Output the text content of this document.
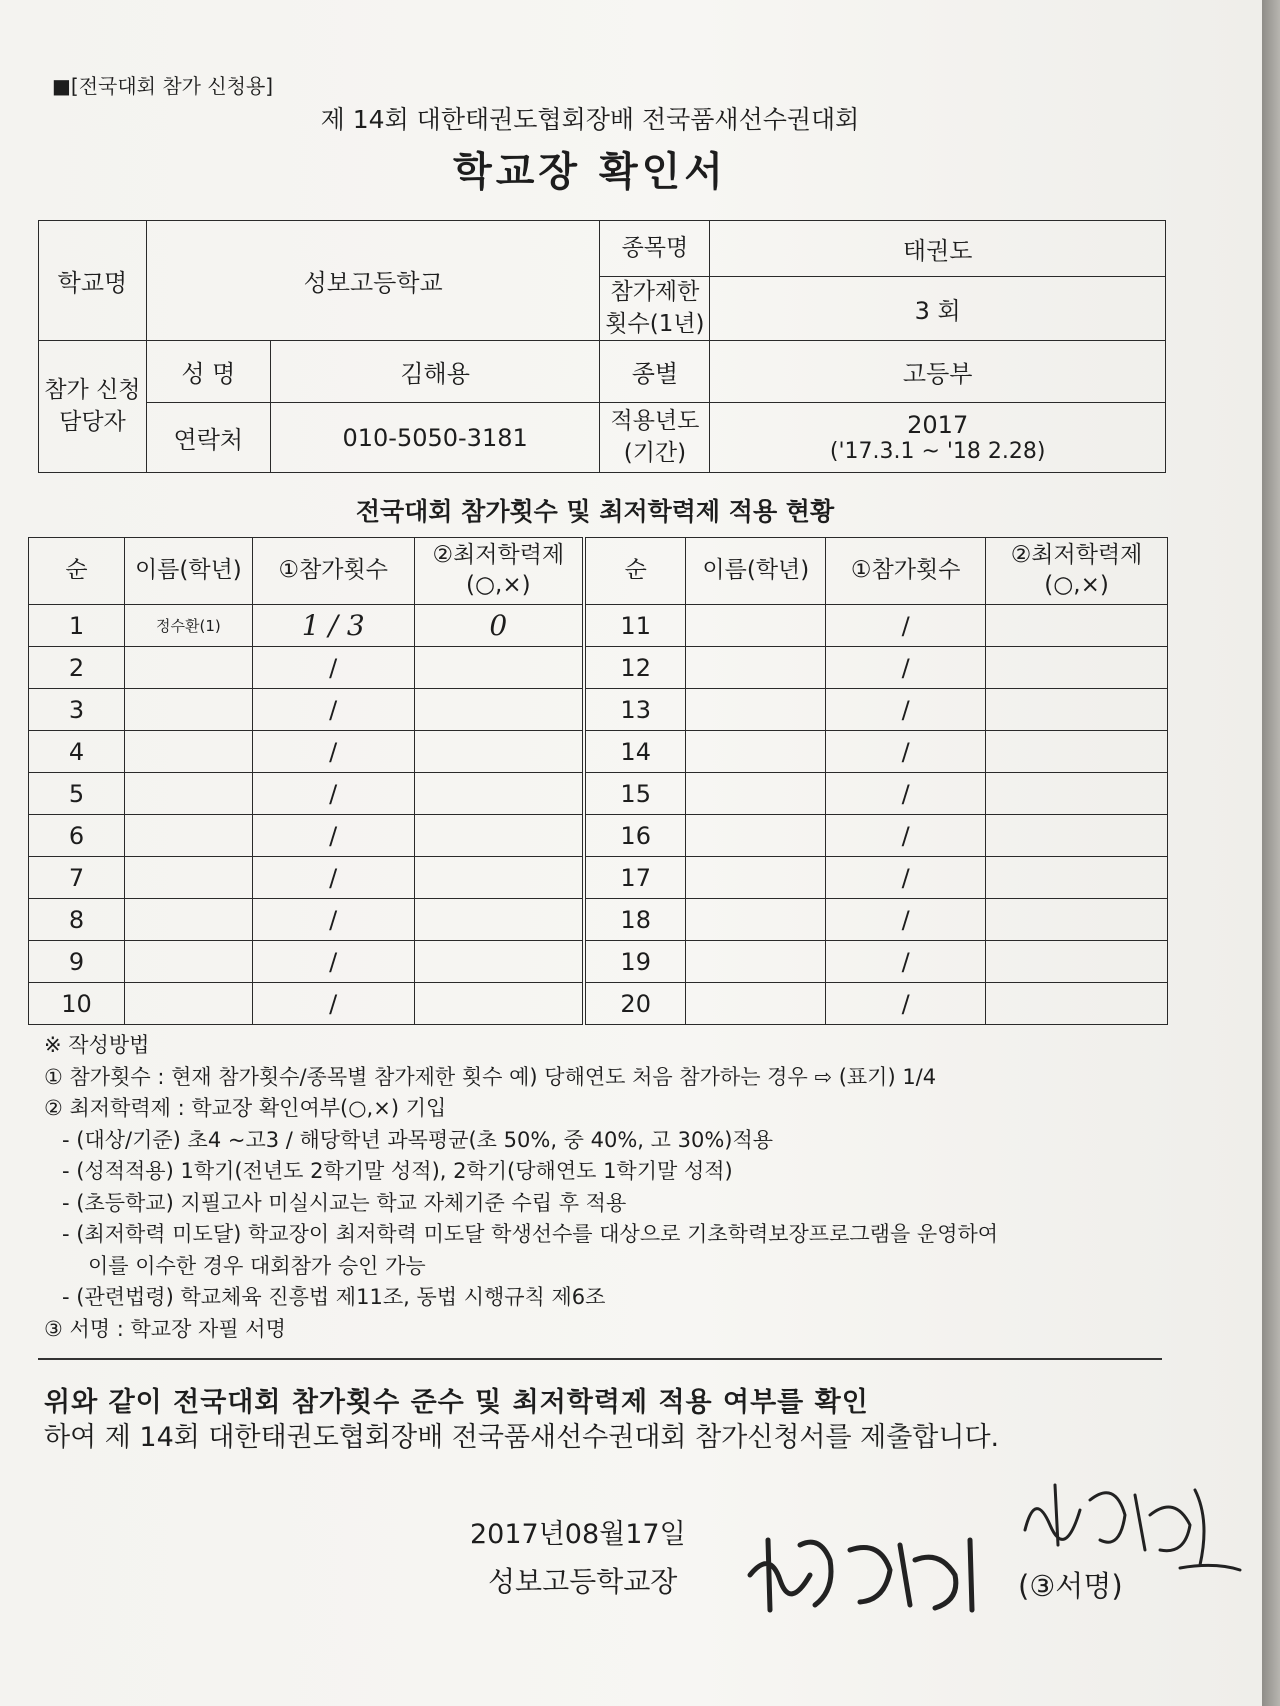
■[전국대회 참가 신청용]
제 14회 대한태권도협회장배 전국품새선수권대회
학교장 확인서
학교명	성보고등학교		종목명	태권도
			참가제한 횟수(1년)	3 회
참가 신청 담당자	성 명	김해용	종별	고등부
	연락처	010-5050-3181	적용년도 (기간)	2017
('17.3.1 ~ '18 2.28)
전국대회 참가횟수 및 최저학력제 적용 현황
순	이름(학년)	①참가횟수	②최저학력제 (○,×)	순	이름(학년)	①참가횟수	②최저학력제 (○,×)
1	정수환(1)	1 / 3	0	11		/	
2		/		12		/	
3		/		13		/	
4		/		14		/	
5		/		15		/	
6		/		16		/	
7		/		17		/	
8		/		18		/	
9		/		19		/	
10		/		20		/	
※ 작성방법
① 참가횟수 : 현재 참가횟수/종목별 참가제한 횟수 예) 당해연도 처음 참가하는 경우 ⇨ (표기) 1/4
② 최저학력제 : 학교장 확인여부(○,×) 기입
- (대상/기준) 초4 ~고3 / 해당학년 과목평균(초 50%, 중 40%, 고 30%)적용
- (성적적용) 1학기(전년도 2학기말 성적), 2학기(당해연도 1학기말 성적)
- (초등학교) 지필고사 미실시교는 학교 자체기준 수립 후 적용
- (최저학력 미도달) 학교장이 최저학력 미도달 학생선수를 대상으로 기초학력보장프로그램을 운영하여
이를 이수한 경우 대회참가 승인 가능
- (관련법령) 학교체육 진흥법 제11조, 동법 시행규칙 제6조
③ 서명 : 학교장 자필 서명
위와 같이 전국대회 참가횟수 준수 및 최저학력제 적용 여부를 확인
하여 제 14회 대한태권도협회장배 전국품새선수권대회 참가신청서를 제출합니다.
2017년08월17일
성보고등학교장	(③서명)
